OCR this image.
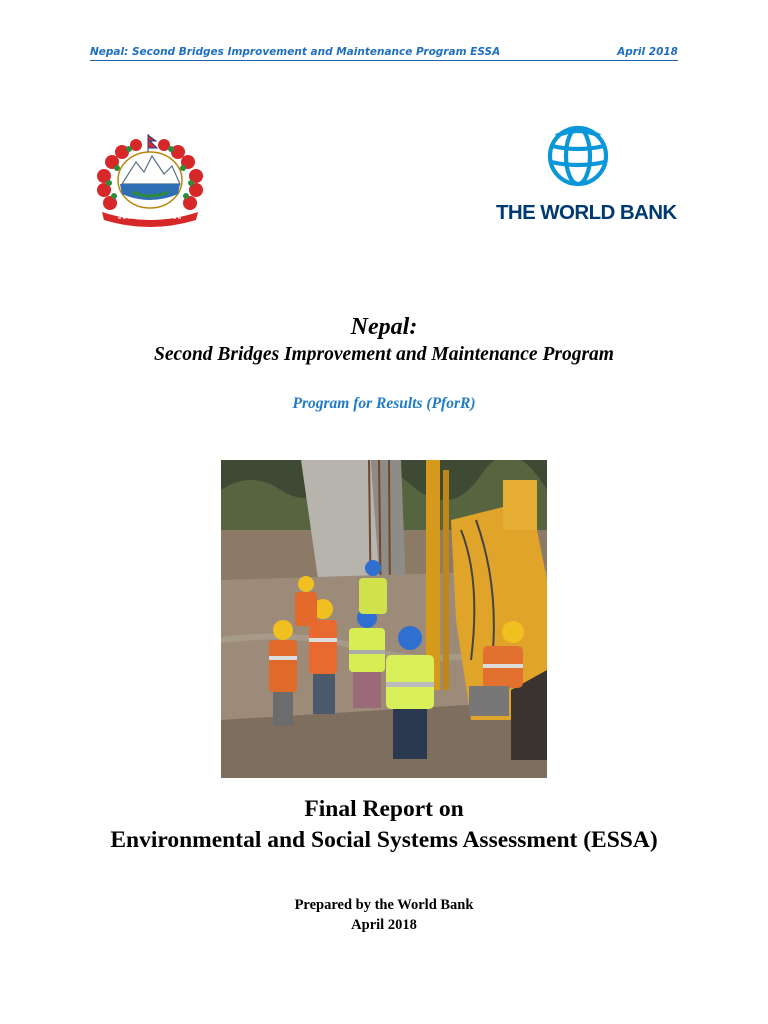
Nepal: Second Bridges Improvement and Maintenance Program ESSA	April 2018
THE WORLD BANK
Nepal:
Second Bridges Improvement and Maintenance Program
Program for Results (PforR)
Final Report on
Environmental and Social Systems Assessment (ESSA)
Prepared by the World Bank
April 2018
